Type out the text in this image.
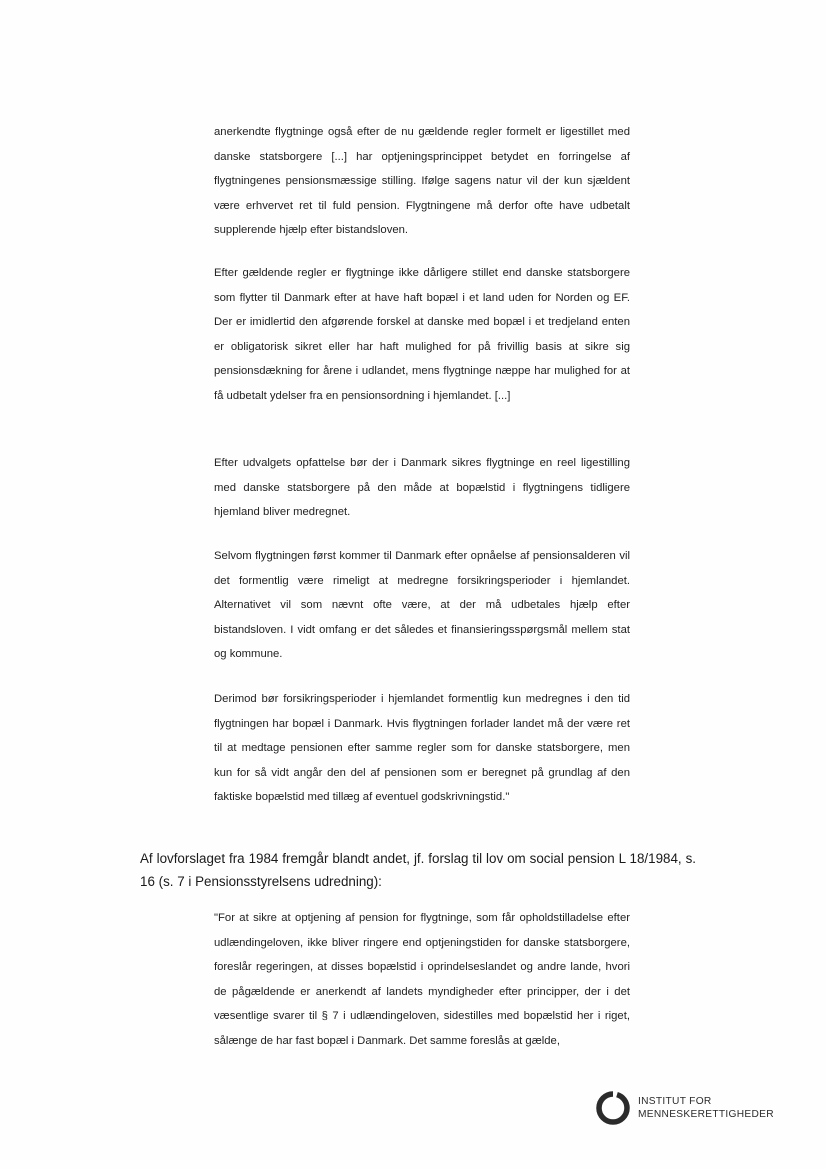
anerkendte flygtninge også efter de nu gældende regler formelt er ligestillet med danske statsborgere [...] har optjeningsprincippet betydet en forringelse af flygtningenes pensionsmæssige stilling. Ifølge sagens natur vil der kun sjældent være erhvervet ret til fuld pension. Flygtningene må derfor ofte have udbetalt supplerende hjælp efter bistandsloven.

Efter gældende regler er flygtninge ikke dårligere stillet end danske statsborgere som flytter til Danmark efter at have haft bopæl i et land uden for Norden og EF. Der er imidlertid den afgørende forskel at danske med bopæl i et tredjeland enten er obligatorisk sikret eller har haft mulighed for på frivillig basis at sikre sig pensionsdækning for årene i udlandet, mens flygtninge næppe har mulighed for at få udbetalt ydelser fra en pensionsordning i hjemlandet. [...]

Efter udvalgets opfattelse bør der i Danmark sikres flygtninge en reel ligestilling med danske statsborgere på den måde at bopælstid i flygtningens tidligere hjemland bliver medregnet.

Selvom flygtningen først kommer til Danmark efter opnåelse af pensionsalderen vil det formentlig være rimeligt at medregne forsikringsperioder i hjemlandet. Alternativet vil som nævnt ofte være, at der må udbetales hjælp efter bistandsloven. I vidt omfang er det således et finansieringsspørgsmål mellem stat og kommune.

Derimod bør forsikringsperioder i hjemlandet formentlig kun medregnes i den tid flygtningen har bopæl i Danmark. Hvis flygtningen forlader landet må der være ret til at medtage pensionen efter samme regler som for danske statsborgere, men kun for så vidt angår den del af pensionen som er beregnet på grundlag af den faktiske bopælstid med tillæg af eventuel godskrivningstid."

Af lovforslaget fra 1984 fremgår blandt andet, jf. forslag til lov om social pension L 18/1984, s. 16 (s. 7 i Pensionsstyrelsens udredning):

"For at sikre at optjening af pension for flygtninge, som får opholdstilladelse efter udlændingeloven, ikke bliver ringere end optjeningstiden for danske statsborgere, foreslår regeringen, at disses bopælstid i oprindelseslandet og andre lande, hvori de pågældende er anerkendt af landets myndigheder efter principper, der i det væsentlige svarer til § 7 i udlændingeloven, sidestilles med bopælstid her i riget, sålænge de har fast bopæl i Danmark. Det samme foreslås at gælde,

INSTITUT FOR
MENNESKERETTIGHEDER
